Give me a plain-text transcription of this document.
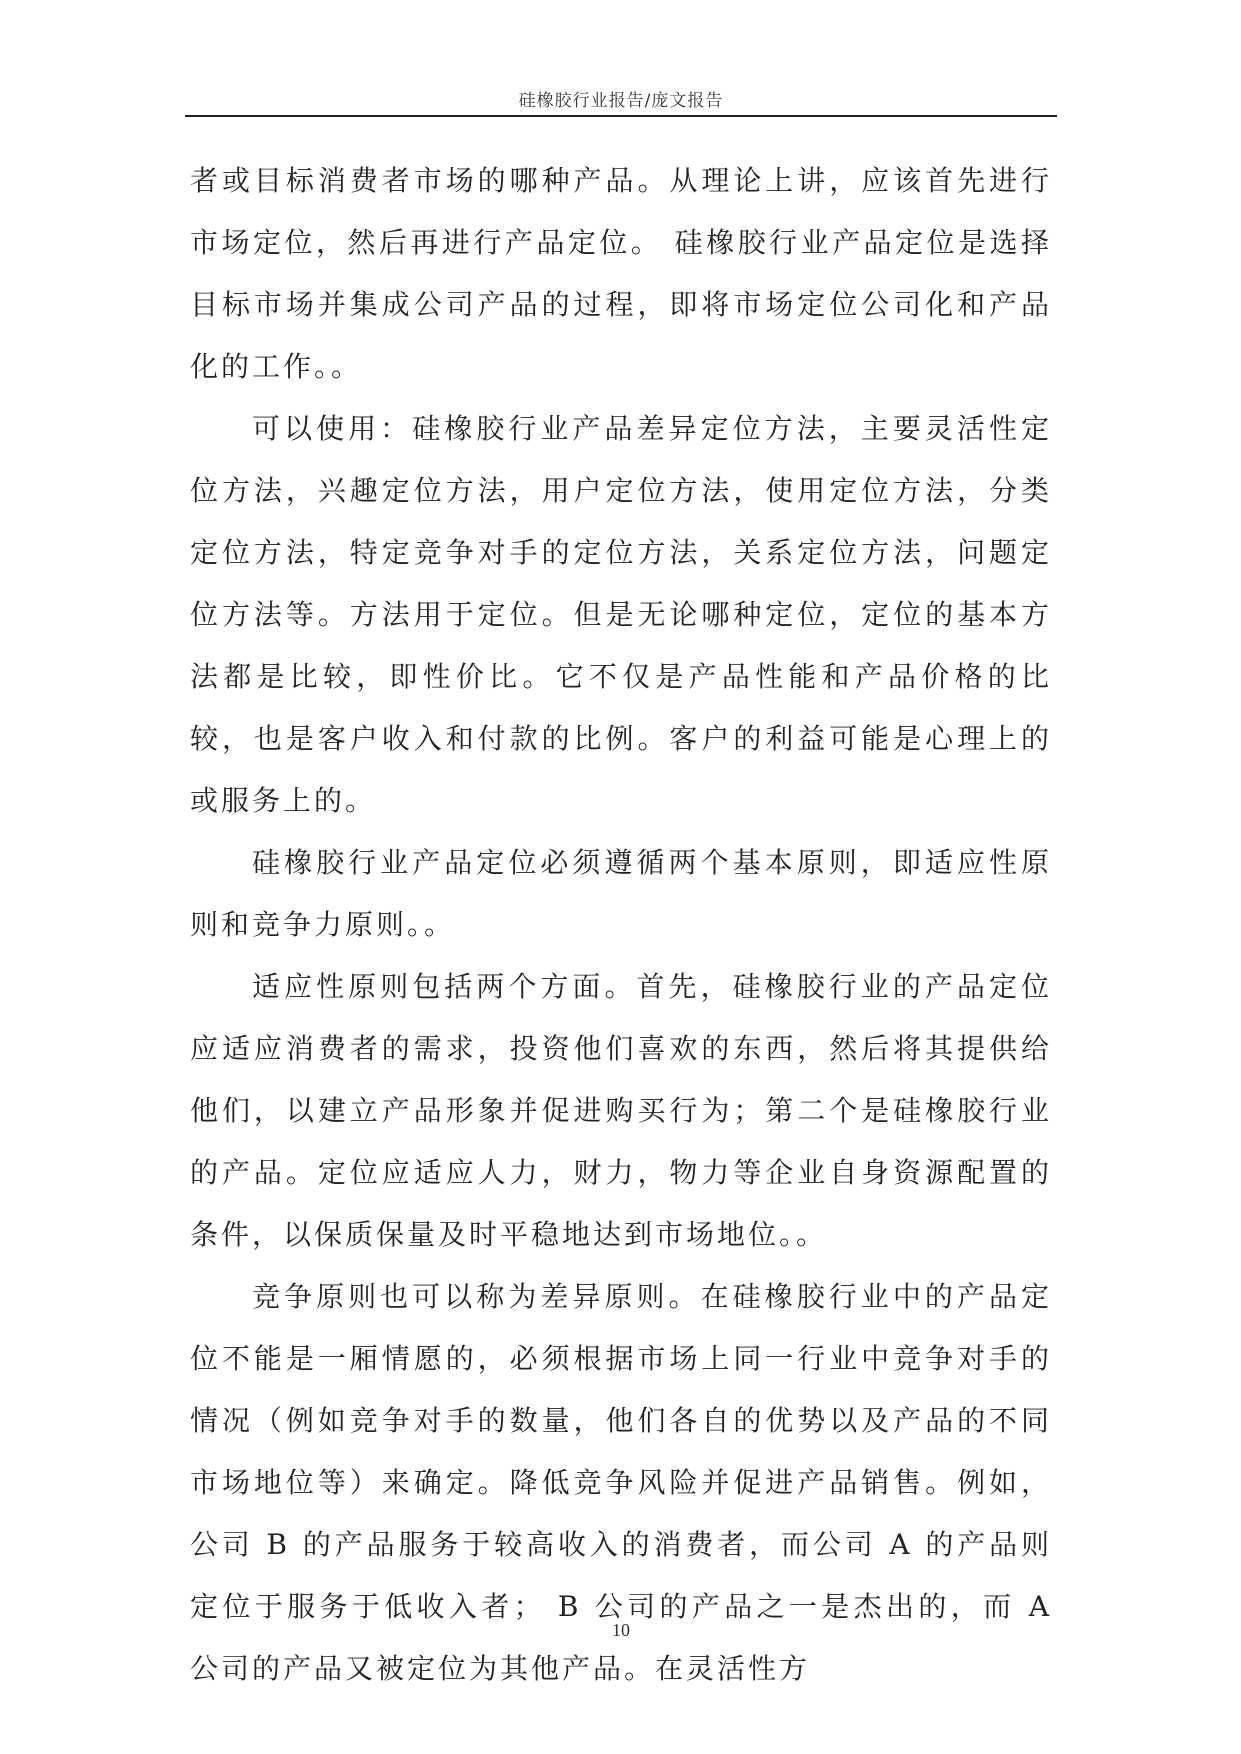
硅橡胶行业报告/庞文报告

者或目标消费者市场的哪种产品。从理论上讲，应该首先进行市场定位，然后再进行产品定位。 硅橡胶行业产品定位是选择目标市场并集成公司产品的过程，即将市场定位公司化和产品化的工作。。

可以使用：硅橡胶行业产品差异定位方法，主要灵活性定位方法，兴趣定位方法，用户定位方法，使用定位方法，分类定位方法，特定竞争对手的定位方法，关系定位方法，问题定位方法等。方法用于定位。但是无论哪种定位，定位的基本方法都是比较，即性价比。它不仅是产品性能和产品价格的比较，也是客户收入和付款的比例。客户的利益可能是心理上的或服务上的。

硅橡胶行业产品定位必须遵循两个基本原则，即适应性原则和竞争力原则。。

适应性原则包括两个方面。首先，硅橡胶行业的产品定位应适应消费者的需求，投资他们喜欢的东西，然后将其提供给他们，以建立产品形象并促进购买行为；第二个是硅橡胶行业的产品。定位应适应人力，财力，物力等企业自身资源配置的条件，以保质保量及时平稳地达到市场地位。。

竞争原则也可以称为差异原则。在硅橡胶行业中的产品定位不能是一厢情愿的，必须根据市场上同一行业中竞争对手的情况（例如竞争对手的数量，他们各自的优势以及产品的不同市场地位等）来确定。降低竞争风险并促进产品销售。例如，公司 B 的产品服务于较高收入的消费者，而公司 A 的产品则定位于服务于低收入者； B 公司的产品之一是杰出的，而 A 公司的产品又被定位为其他产品。在灵活性方

10
